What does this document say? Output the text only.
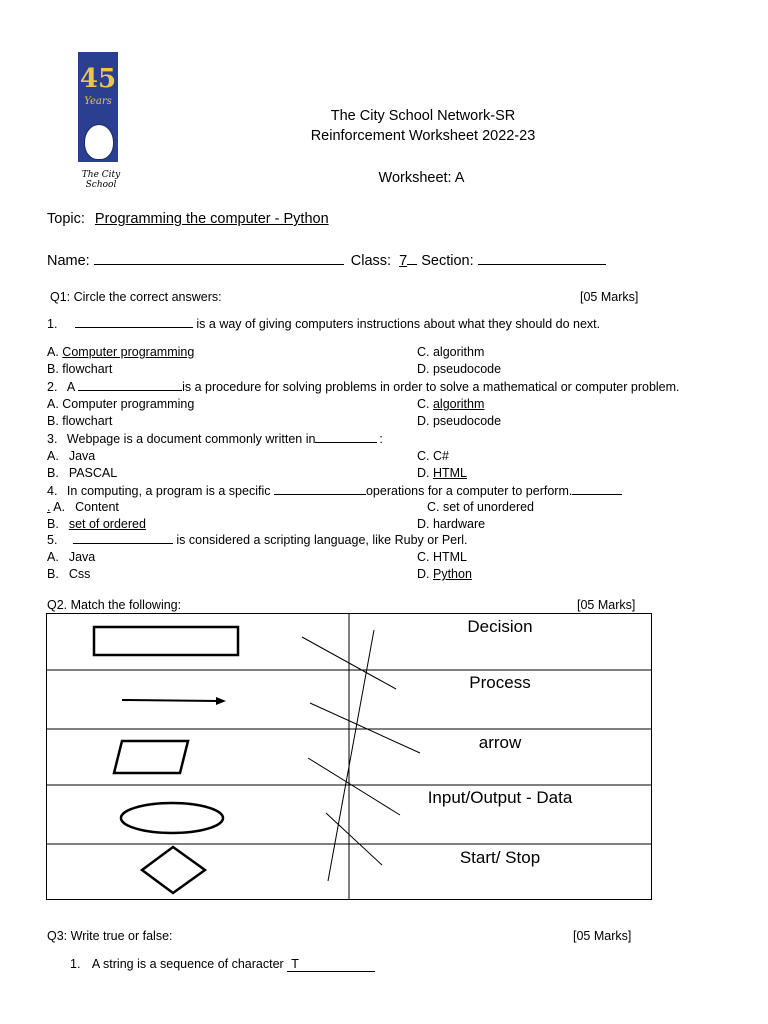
45
Years
The City School
The City School Network-SR
Reinforcement Worksheet 2022-23
Worksheet: A
Topic: Programming the computer - Python
Name:	Class: 7 Section:
Q1: Circle the correct answers:	[05 Marks]
1.	is a way of giving computers instructions about what they should do next.
A. Computer programming	C. algorithm
B. flowchart	D. pseudocode
2. A	is a procedure for solving problems in order to solve a mathematical or computer problem.
A. Computer programming	C. algorithm
B. flowchart	D. pseudocode
3. Webpage is a document commonly written in	:
A. Java	C. C#
B. PASCAL	D. HTML
4. In computing, a program is a specific	operations for a computer to perform.
. A. Content	C. set of unordered
B. set of ordered	D. hardware
5.	is considered a scripting language, like Ruby or Perl.
A. Java	C. HTML
B. Css	D. Python
Q2. Match the following:	[05 Marks]
Decision
Process
arrow
Input/Output - Data
Start/ Stop
Q3: Write true or false:	[05 Marks]
1. A string is a sequence of character T
